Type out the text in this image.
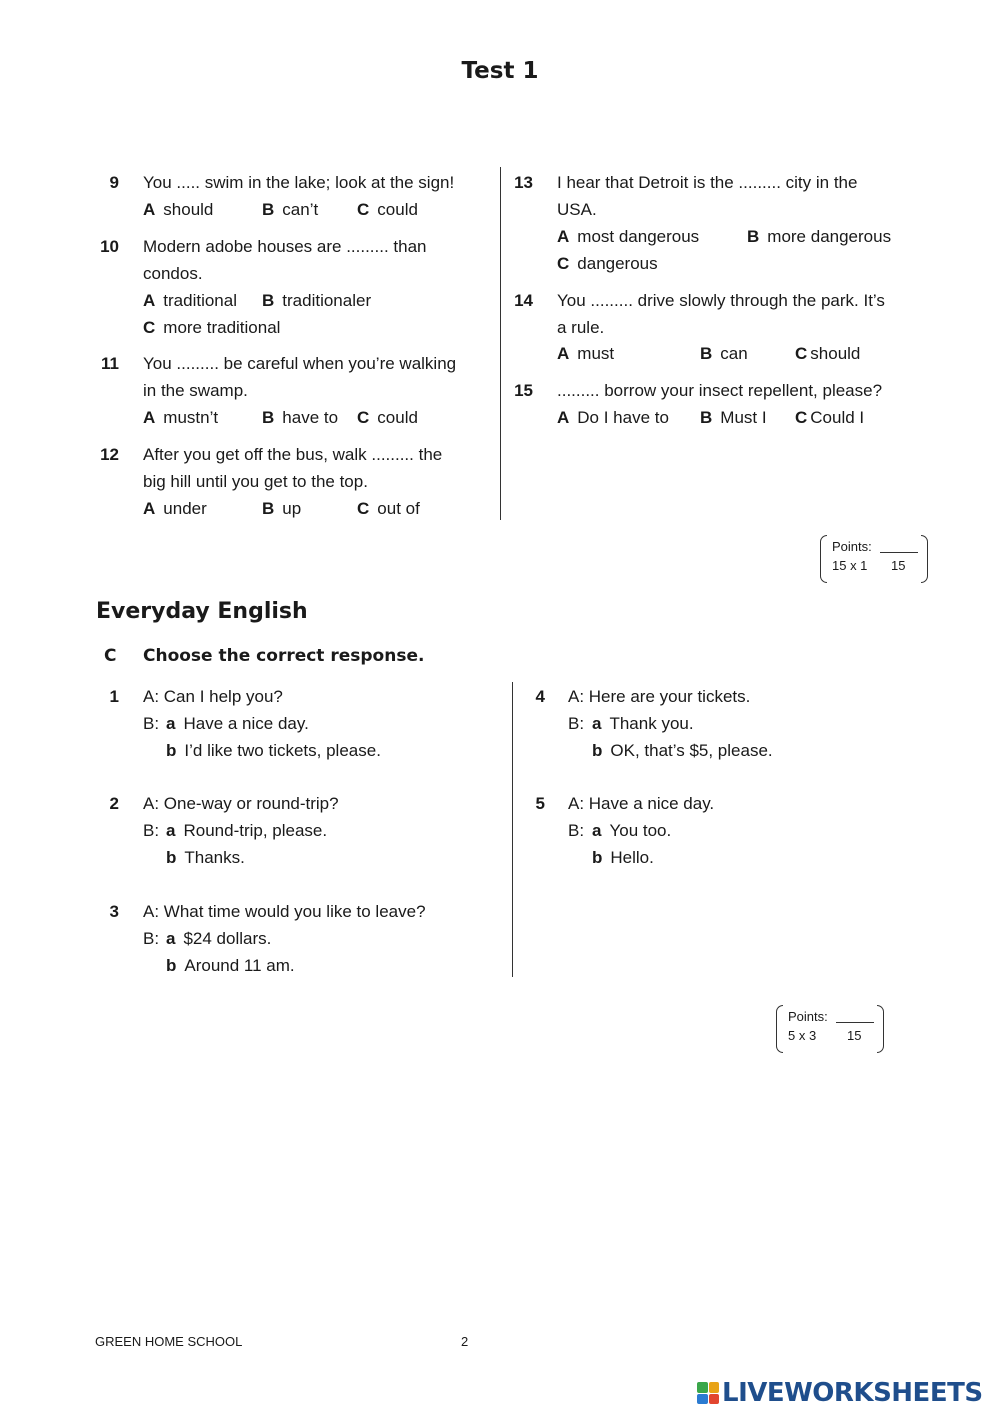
Test 1
9 You ..... swim in the lake; look at the sign!
A should	B can’t C could
10 Modern adobe houses are ......... than
condos.
A traditional B traditionaler
C more traditional
11 You ......... be careful when you’re walking
in the swamp.
A mustn’t	B have to C could
12 After you get off the bus, walk ......... the
big hill until you get to the top.
A under	B up	C out of
13 I hear that Detroit is the ......... city in the
USA.
A most dangerous	B more dangerous
C dangerous
14 You ......... drive slowly through the park. It’s
a rule.
A must	B can	C should
15 ......... borrow your insect repellent, please?
A Do I have to B Must I C Could I
Points:
15 x 1 15
Everyday English
C Choose the correct response.
1 A: Can I help you?
B: a Have a nice day.
b I’d like two tickets, please.
2 A: One-way or round-trip?
B: a Round-trip, please.
b Thanks.
3 A: What time would you like to leave?
B: a $24 dollars.
b Around 11 am.
4 A: Here are your tickets.
B: a Thank you.
b OK, that’s $5, please.
5 A: Have a nice day.
B: a You too.
b Hello.
Points:
5 x 3 15
GREEN HOME SCHOOL	2
LIVEWORKSHEETS
